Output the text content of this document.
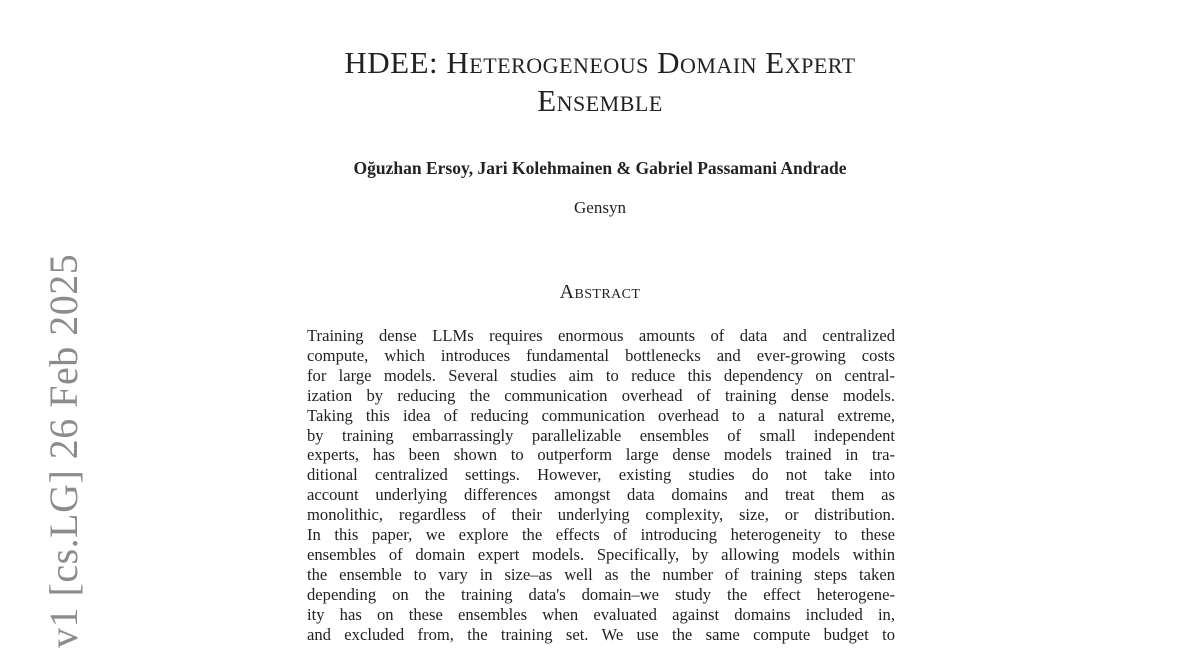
v1 [cs.LG] 26 Feb 2025
HDEE: Heterogeneous Domain Expert
Ensemble
Oğuzhan Ersoy, Jari Kolehmainen & Gabriel Passamani Andrade
Gensyn
Abstract
Training dense LLMs requires enormous amounts of data and centralized
compute, which introduces fundamental bottlenecks and ever-growing costs
for large models. Several studies aim to reduce this dependency on central-
ization by reducing the communication overhead of training dense models.
Taking this idea of reducing communication overhead to a natural extreme,
by training embarrassingly parallelizable ensembles of small independent
experts, has been shown to outperform large dense models trained in tra-
ditional centralized settings. However, existing studies do not take into
account underlying differences amongst data domains and treat them as
monolithic, regardless of their underlying complexity, size, or distribution.
In this paper, we explore the effects of introducing heterogeneity to these
ensembles of domain expert models. Specifically, by allowing models within
the ensemble to vary in size–as well as the number of training steps taken
depending on the training data's domain–we study the effect heterogene-
ity has on these ensembles when evaluated against domains included in,
and excluded from, the training set. We use the same compute budget to
